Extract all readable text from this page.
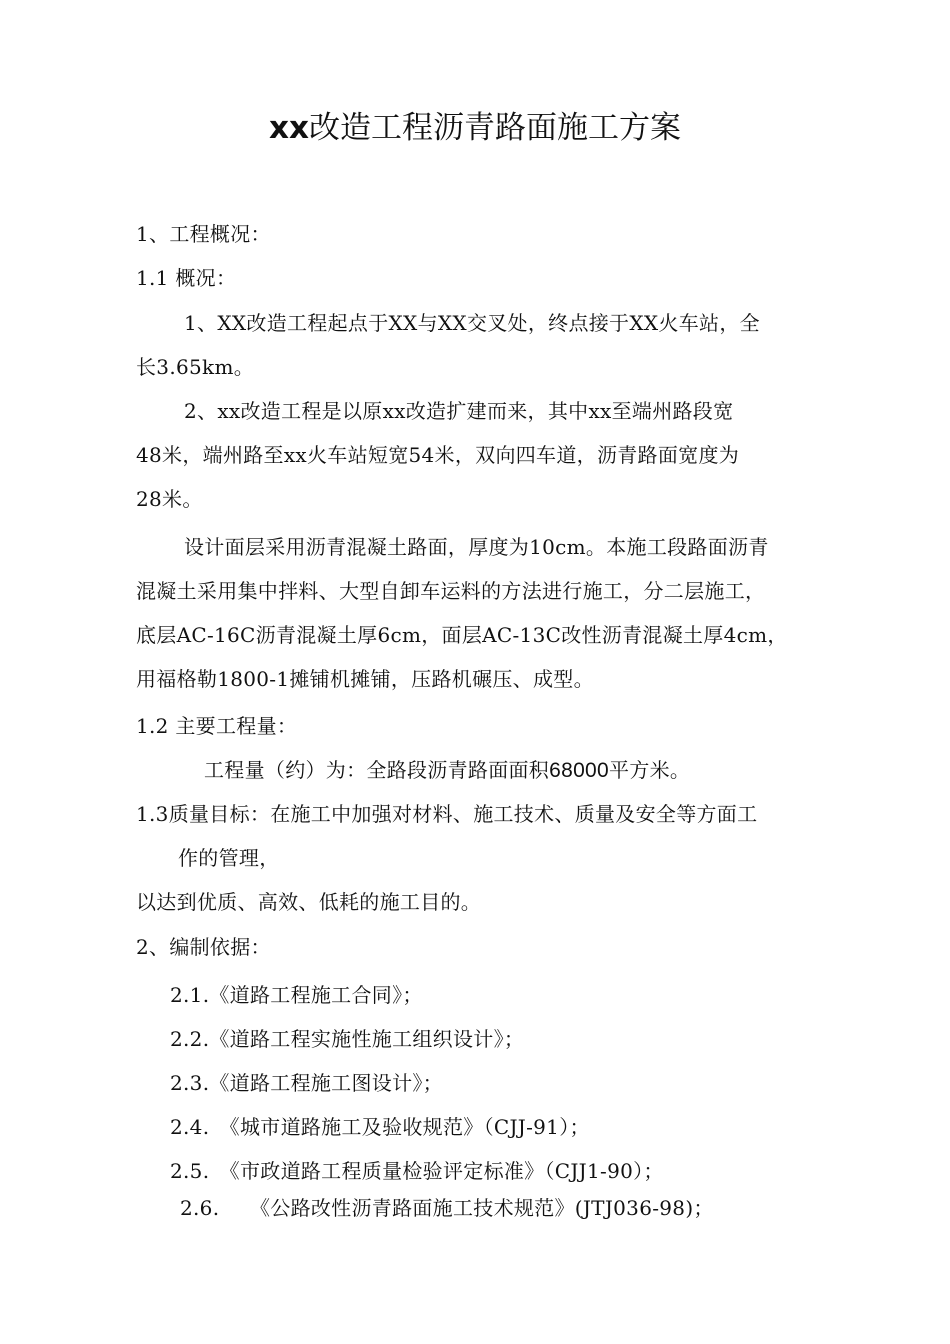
xx改造工程沥青路面施工方案
1、工程概况：
1.1 概况：
1、XX改造工程起点于XX与XX交叉处，终点接于XX火车站，全
长3.65km。
2、xx改造工程是以原xx改造扩建而来，其中xx至端州路段宽
48米，端州路至xx火车站短宽54米，双向四车道，沥青路面宽度为
28米。
设计面层采用沥青混凝土路面，厚度为10cm。本施工段路面沥青
混凝土采用集中拌料、大型自卸车运料的方法进行施工，分二层施工，
底层AC-16C沥青混凝土厚6cm，面层AC-13C改性沥青混凝土厚4cm，
用福格勒1800-1摊铺机摊铺，压路机碾压、成型。
1.2 主要工程量：
工程量（约）为：全路段沥青路面面积68000平方米。
1.3质量目标：在施工中加强对材料、施工技术、质量及安全等方面工
作的管理，
以达到优质、高效、低耗的施工目的。
2、编制依据：
2.1.《道路工程施工合同》；
2.2.《道路工程实施性施工组织设计》；
2.3.《道路工程施工图设计》；
2.4.　《城市道路施工及验收规范》（CJJ-91）；
2.5.　《市政道路工程质量检验评定标准》（CJJ1-90）；
2.6.　　《公路改性沥青路面施工技术规范》(JTJ036-98)；
